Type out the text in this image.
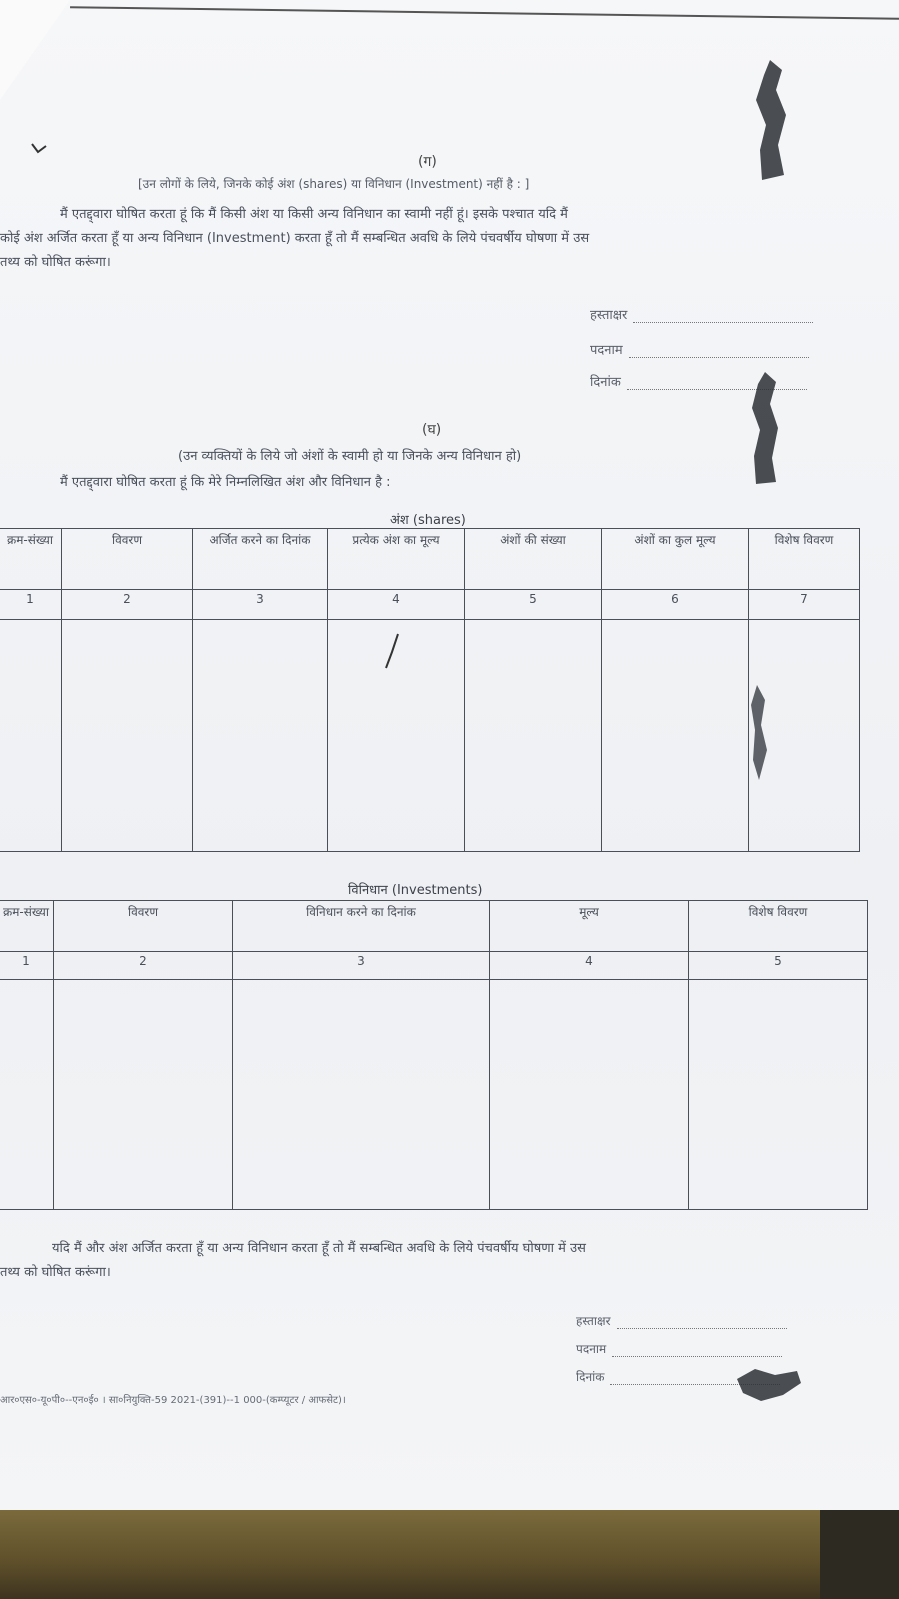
(ग)
[उन लोगों के लिये, जिनके कोई अंश (shares) या विनिधान (Investment) नहीं है : ]
मैं एतद्द्वारा घोषित करता हूं कि मैं किसी अंश या किसी अन्य विनिधान का स्वामी नहीं हूं। इसके पश्चात यदि मैं
कोई अंश अर्जित करता हूँ या अन्य विनिधान (Investment) करता हूँ तो मैं सम्बन्धित अवधि के लिये पंचवर्षीय घोषणा में उस
तथ्य को घोषित करूंगा।
हस्ताक्षर
पदनाम
दिनांक
(घ)
(उन व्यक्तियों के लिये जो अंशों के स्वामी हो या जिनके अन्य विनिधान हो)
मैं एतद्द्वारा घोषित करता हूं कि मेरे निम्नलिखित अंश और विनिधान है :
अंश (shares)
क्रम-संख्या	विवरण	अर्जित करने का दिनांक	प्रत्येक अंश का मूल्य	अंशों की संख्या	अंशों का कुल मूल्य	विशेष विवरण
1	2	3	4	5	6	7

विनिधान (Investments)
क्रम-संख्या	विवरण	विनिधान करने का दिनांक	मूल्य	विशेष विवरण
1	2	3	4	5

यदि मैं और अंश अर्जित करता हूँ या अन्य विनिधान करता हूँ तो मैं सम्बन्धित अवधि के लिये पंचवर्षीय घोषणा में उस
तथ्य को घोषित करूंगा।
हस्ताक्षर
पदनाम
दिनांक
आर०एस०-यू०पी०--एन०ई० । सा०नियुक्ति-59 2021-(391)--1 000-(कम्प्यूटर / आफसेट)।
